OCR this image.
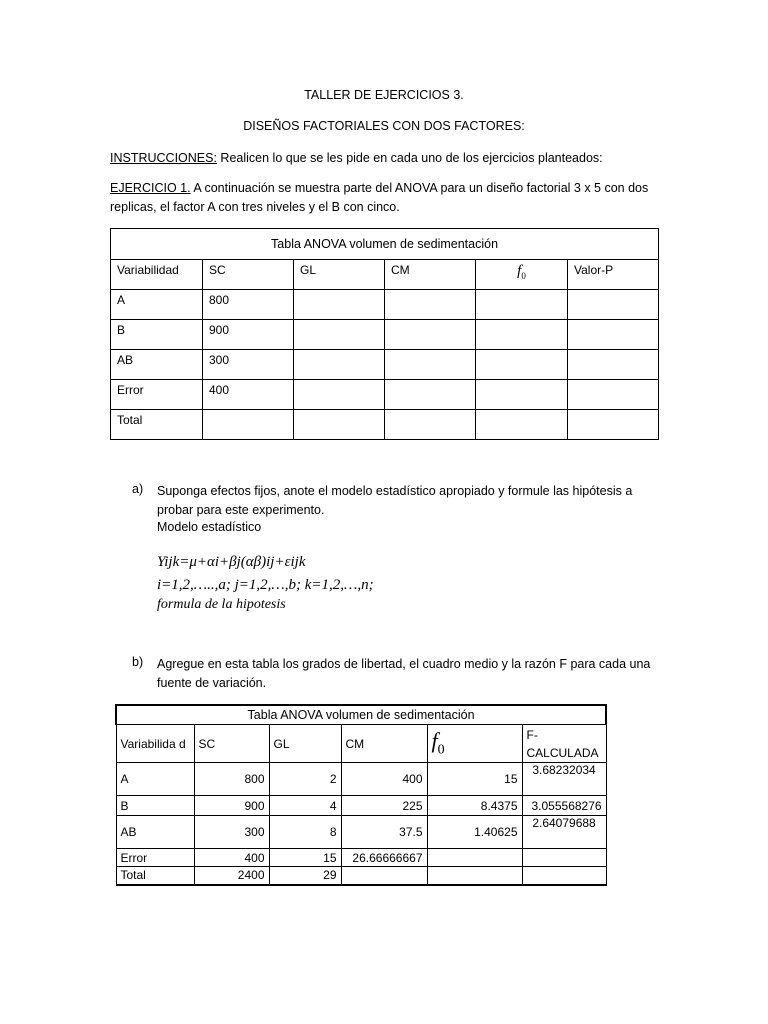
TALLER DE EJERCICIOS 3.
DISEÑOS FACTORIALES CON DOS FACTORES:
INSTRUCCIONES: Realicen lo que se les pide en cada uno de los ejercicios planteados:
EJERCICIO 1. A continuación se muestra parte del ANOVA para un diseño factorial 3 x 5 con dos replicas, el factor A con tres niveles y el B con cinco.
Tabla ANOVA volumen de sedimentación					
Variabilidad	SC	GL	CM	$f_0$	Valor-P
A	800				
B	900				
AB	300				
Error	400				
Total					
a) Suponga efectos fijos, anote el modelo estadístico apropiado y formule las hipótesis a probar para este experimento.
Modelo estadístico
Yijk=μ+αi+βj(αβ)ij+εijk
i=1,2,…..,a; j=1,2,…,b; k=1,2,…,n;
formula de la hipotesis
b) Agregue en esta tabla los grados de libertad, el cuadro medio y la razón F para cada una fuente de variación.
Tabla ANOVA volumen de sedimentación					
Variabilida d	SC	GL	CM	$f_0$	F- CALCULADA
A	800	2	400	15	3.68232034
B	900	4	225	8.4375	3.055568276
AB	300	8	37.5	1.40625	2.64079688
Error	400	15	26.66666667		
Total	2400	29			
